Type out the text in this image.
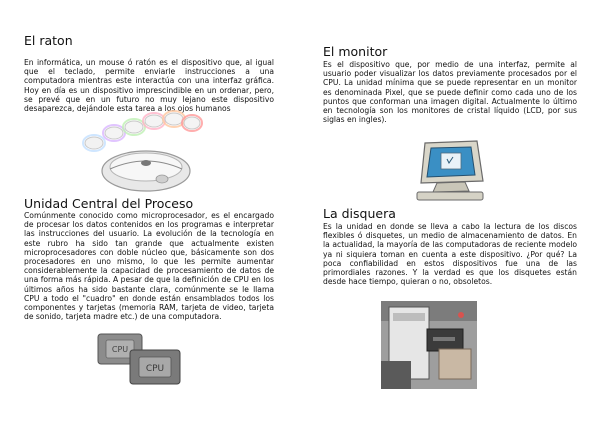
El raton

En informática, un mouse ó ratón es el dispositivo que, al igual que el teclado, permite enviarle instrucciones a una computadora mientras este interactúa con una interfaz gráfica. Hoy en día es un dispositivo imprescindible en un ordenar, pero, se prevé que en un futuro no muy lejano este dispositivo desaparezca, dejándole esta tarea a los ojos humanos

Unidad Central del Proceso

Comúnmente conocido como microprocesador, es el encargado de procesar los datos contenidos en los programas e interpretar las instrucciones del usuario. La evolución de la tecnología en este rubro ha sido tan grande que actualmente existen microprocesadores con doble núcleo que, básicamente son dos procesadores en uno mismo, lo que les permite aumentar considerablemente la capacidad de procesamiento de datos de una forma más rápida. A pesar de que la definición de CPU en los últimos años ha sido bastante clara, comúnmente se le llama CPU a todo el "cuadro" en donde están ensamblados todos los componentes y tarjetas (memoria RAM, tarjeta de video, tarjeta de sonido, tarjeta madre etc.) de una computadora.

CPU
CPU
El monitor

Es el dispositivo que, por medio de una interfaz, permite al usuario poder visualizar los datos previamente procesados por el CPU. La unidad mínima que se puede representar en un monitor es denominada Pixel, que se puede definir como cada uno de los puntos que conforman una imagen digital. Actualmente lo último en tecnología son los monitores de cristal líquido (LCD, por sus siglas en ingles).

La disquera

Es la unidad en donde se lleva a cabo la lectura de los discos flexibles ó disquetes, un medio de almacenamiento de datos. En la actualidad, la mayoría de las computadoras de reciente modelo ya ni siquiera toman en cuenta a este dispositivo. ¿Por qué? La poca confiabilidad en estos dispositivos fue una de las primordiales razones. Y la verdad es que los disquetes están desde hace tiempo, quieran o no, obsoletos.
